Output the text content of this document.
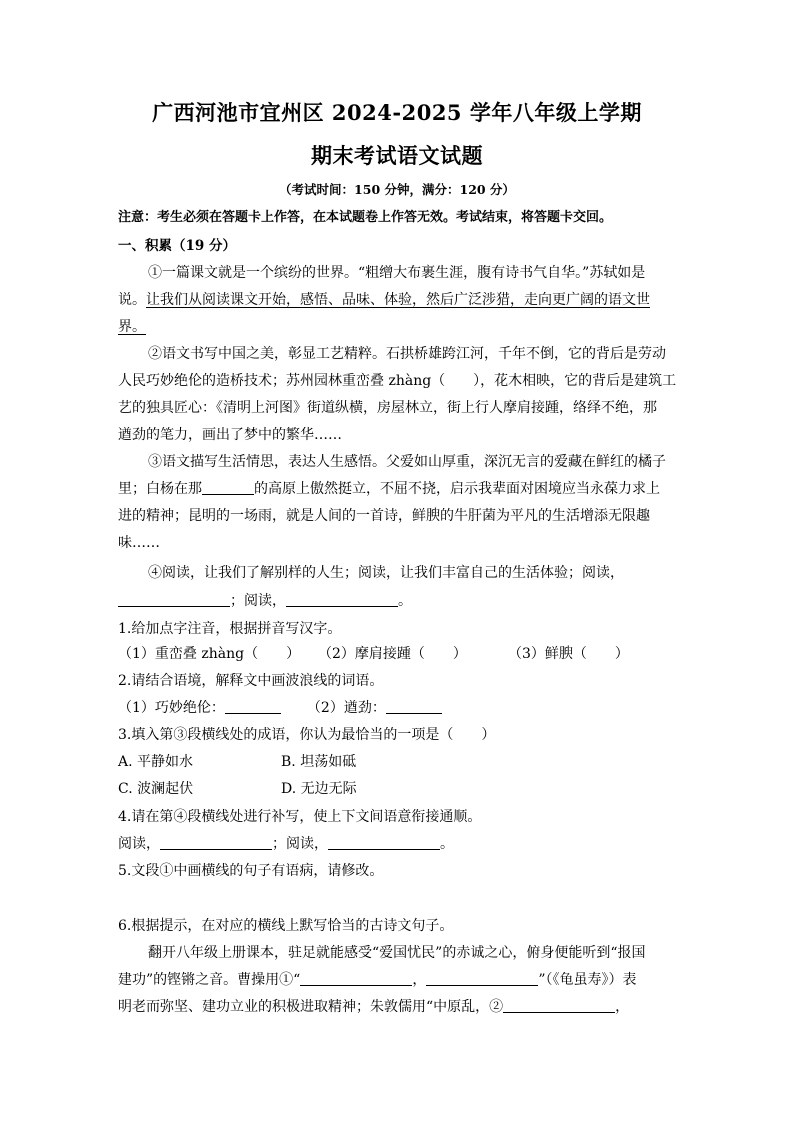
广西河池市宜州区 2024-2025 学年八年级上学期
期末考试语文试题
（考试时间：150 分钟，满分：120 分）
注意：考生必须在答题卡上作答，在本试题卷上作答无效。考试结束，将答题卡交回。
一、积累（19 分）
①一篇课文就是一个缤纷的世界。“粗缯大布裹生涯，腹有诗书气自华。”苏轼如是
说。让我们从阅读课文开始，感悟、品味、体验，然后广泛涉猎，走向更广阔的语文世
界。
②语文书写中国之美，彰显工艺精粹。石拱桥雄跨江河，千年不倒，它的背后是劳动
人民巧妙绝伦的造桥技术；苏州园林重峦叠 zhàng（　　），花木相映，它的背后是建筑工
艺的独具匠心：《清明上河图》街道纵横，房屋林立，街上行人摩肩接踵，络绎不绝，那
遒劲的笔力，画出了梦中的繁华……
③语文描写生活情思，表达人生感悟。父爱如山厚重，深沉无言的爱藏在鲜红的橘子
里；白杨在那	的高原上傲然挺立，不屈不挠，启示我辈面对困境应当永葆力求上
进的精神；昆明的一场雨，就是人间的一首诗，鲜腴的牛肝菌为平凡的生活增添无限趣
味……
④阅读，让我们了解别样的人生；阅读，让我们丰富自己的生活体验；阅读，
；阅读，	。
1.给加点字注音，根据拼音写汉字。
（1）重峦叠 zhàng（　　） （2）摩肩接踵（　　）	（3）鲜腴（　　）
2.请结合语境，解释文中画波浪线的词语。
（1）巧妙绝伦：	（2）遒劲：
3.填入第③段横线处的成语，你认为最恰当的一项是（　　）
A. 平静如水	B. 坦荡如砥
C. 波澜起伏	D. 无边无际
4.请在第④段横线处进行补写，使上下文间语意衔接通顺。
阅读，	；阅读，	。
5.文段①中画横线的句子有语病，请修改。
6.根据提示，在对应的横线上默写恰当的古诗文句子。
翻开八年级上册课本，驻足就能感受“爱国忧民”的赤诚之心，俯身便能听到“报国
建功”的铿锵之音。曹操用①“	，	”（《龟虽寿》）表
明老而弥坚、建功立业的积极进取精神；朱敦儒用“中原乱，②	，
